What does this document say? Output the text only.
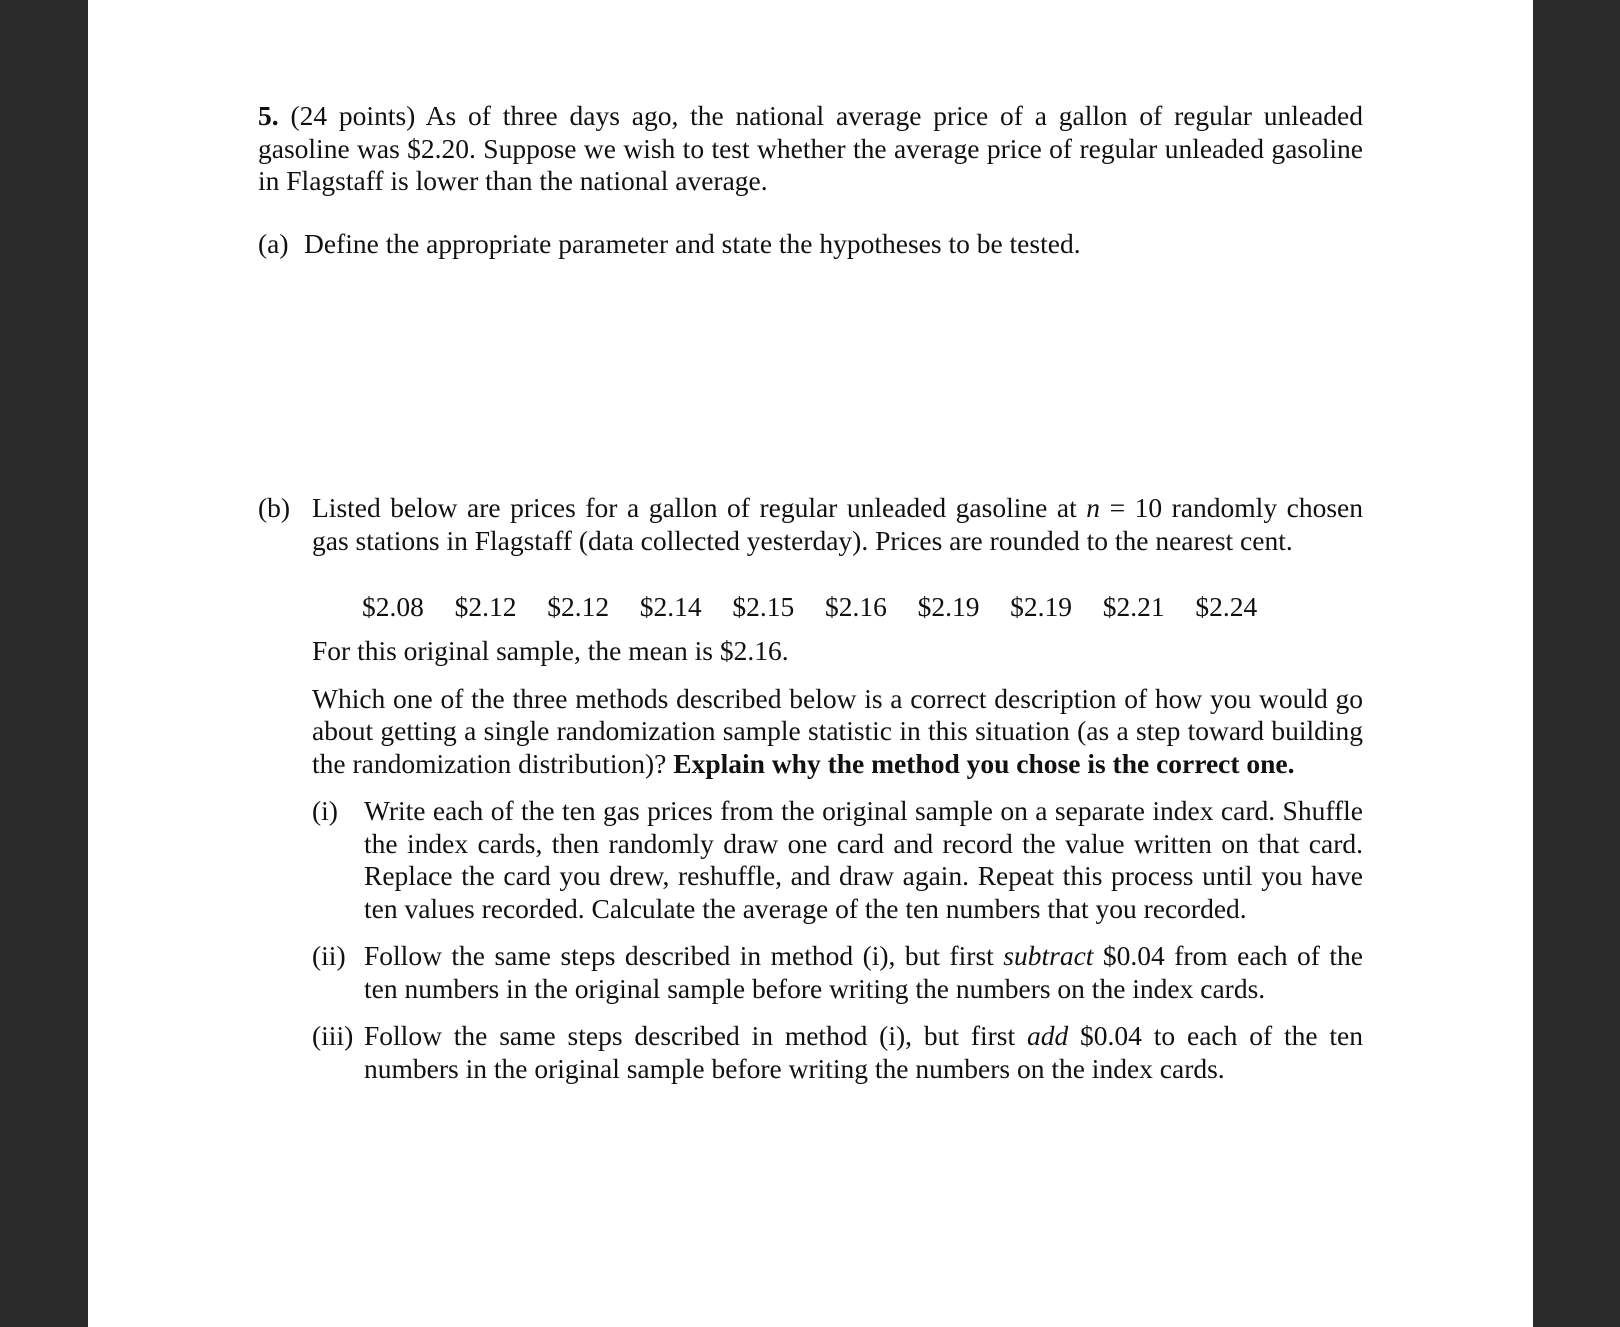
5. (24 points) As of three days ago, the national average price of a gallon of regular unleaded gasoline was $2.20. Suppose we wish to test whether the average price of regular unleaded gasoline in Flagstaff is lower than the national average.

(a) Define the appropriate parameter and state the hypotheses to be tested.

(b) Listed below are prices for a gallon of regular unleaded gasoline at n = 10 randomly chosen gas stations in Flagstaff (data collected yesterday). Prices are rounded to the nearest cent.

$2.08	$2.12	$2.12	$2.14	$2.15	$2.16	$2.19	$2.19	$2.21	$2.24

For this original sample, the mean is $2.16.

Which one of the three methods described below is a correct description of how you would go about getting a single randomization sample statistic in this situation (as a step toward building the randomization distribution)? Explain why the method you chose is the correct one.

(i) Write each of the ten gas prices from the original sample on a separate index card. Shuffle the index cards, then randomly draw one card and record the value written on that card. Replace the card you drew, reshuffle, and draw again. Repeat this process until you have ten values recorded. Calculate the average of the ten numbers that you recorded.

(ii) Follow the same steps described in method (i), but first subtract $0.04 from each of the ten numbers in the original sample before writing the numbers on the index cards.

(iii) Follow the same steps described in method (i), but first add $0.04 to each of the ten numbers in the original sample before writing the numbers on the index cards.
